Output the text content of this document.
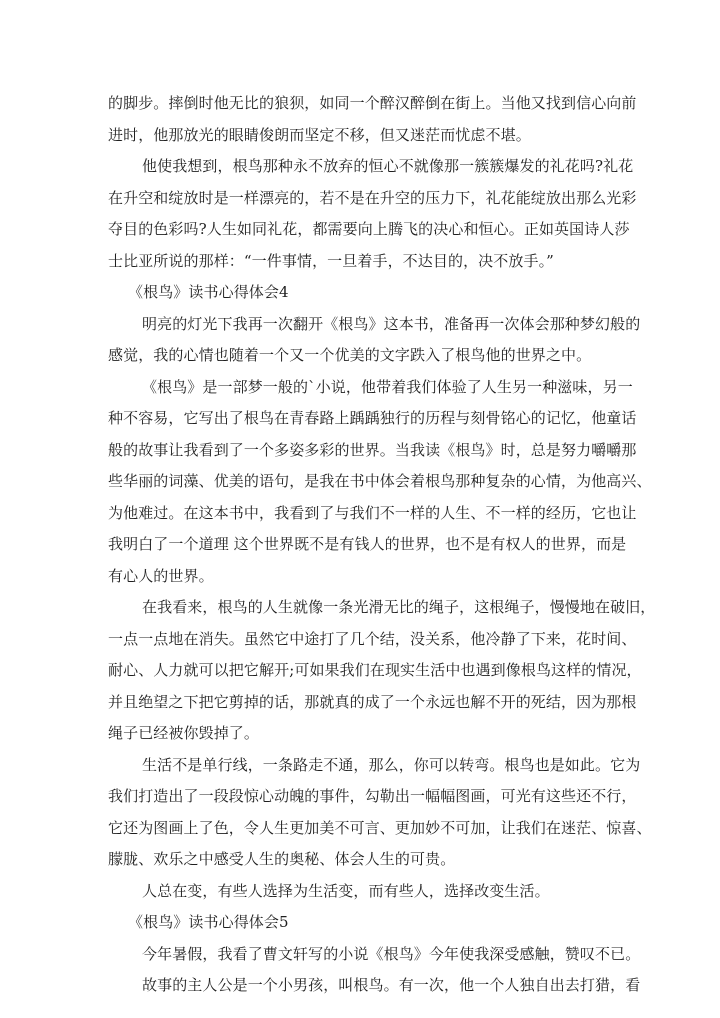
的脚步。摔倒时他无比的狼狈，如同一个醉汉醉倒在街上。当他又找到信心向前
进时，他那放光的眼睛俊朗而坚定不移，但又迷茫而忧虑不堪。
他使我想到，根鸟那种永不放弃的恒心不就像那一簇簇爆发的礼花吗?礼花
在升空和绽放时是一样漂亮的，若不是在升空的压力下，礼花能绽放出那么光彩
夺目的色彩吗?人生如同礼花，都需要向上腾飞的决心和恒心。正如英国诗人莎
士比亚所说的那样：“一件事情，一旦着手，不达目的，决不放手。”
《根鸟》读书心得体会4
明亮的灯光下我再一次翻开《根鸟》这本书，准备再一次体会那种梦幻般的
感觉，我的心情也随着一个又一个优美的文字跌入了根鸟他的世界之中。
《根鸟》是一部梦一般的`小说，他带着我们体验了人生另一种滋味，另一
种不容易，它写出了根鸟在青春路上踽踽独行的历程与刻骨铭心的记忆，他童话
般的故事让我看到了一个多姿多彩的世界。当我读《根鸟》时，总是努力嚼嚼那
些华丽的词藻、优美的语句，是我在书中体会着根鸟那种复杂的心情，为他高兴、
为他难过。在这本书中，我看到了与我们不一样的人生、不一样的经历，它也让
我明白了一个道理 这个世界既不是有钱人的世界，也不是有权人的世界，而是
有心人的世界。
在我看来，根鸟的人生就像一条光滑无比的绳子，这根绳子，慢慢地在破旧，
一点一点地在消失。虽然它中途打了几个结，没关系，他冷静了下来，花时间、
耐心、人力就可以把它解开;可如果我们在现实生活中也遇到像根鸟这样的情况，
并且绝望之下把它剪掉的话，那就真的成了一个永远也解不开的死结，因为那根
绳子已经被你毁掉了。
生活不是单行线，一条路走不通，那么，你可以转弯。根鸟也是如此。它为
我们打造出了一段段惊心动魄的事件，勾勒出一幅幅图画，可光有这些还不行，
它还为图画上了色，令人生更加美不可言、更加妙不可加，让我们在迷茫、惊喜、
朦胧、欢乐之中感受人生的奥秘、体会人生的可贵。
人总在变，有些人选择为生活变，而有些人，选择改变生活。
《根鸟》读书心得体会5
今年暑假，我看了曹文轩写的小说《根鸟》今年使我深受感触，赞叹不已。
故事的主人公是一个小男孩，叫根鸟。有一次，他一个人独自出去打猎，看
